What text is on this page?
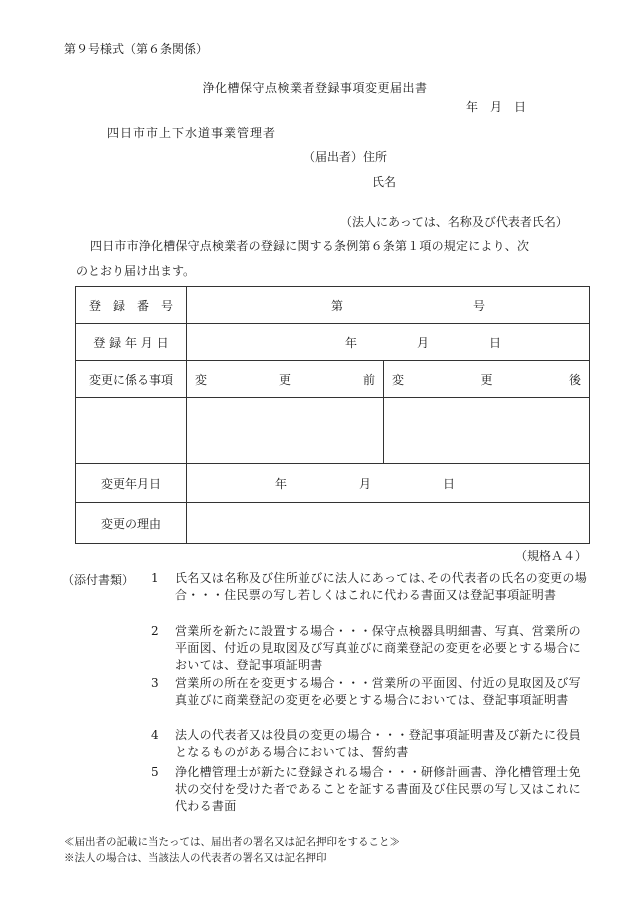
第９号様式（第６条関係）
浄化槽保守点検業者登録事項変更届出書
年　月　日
四日市市上下水道事業管理者
（届出者）住所
氏名
（法人にあっては、名称及び代表者氏名）
四日市市浄化槽保守点検業者の登録に関する条例第６条第１項の規定により、次
のとおり届け出ます。
登　録　番　号	第 号	

登 録 年 月 日	年 月 日	

変更に係る事項	変 更 前	変 更 後

変更年月日	年 月 日	

変更の理由		
（規格Ａ４）
（添付書類） 1 氏名又は名称及び住所並びに法人にあっては､その代表者の氏名の変更の場合・・・住民票の写し若しくはこれに代わる書面又は登記事項証明書
2 営業所を新たに設置する場合・・・保守点検器具明細書、写真、営業所の平面図、付近の見取図及び写真並びに商業登記の変更を必要とする場合においては、登記事項証明書
3 営業所の所在を変更する場合・・・営業所の平面図、付近の見取図及び写真並びに商業登記の変更を必要とする場合においては、登記事項証明書
4 法人の代表者又は役員の変更の場合・・・登記事項証明書及び新たに役員となるものがある場合においては、誓約書
5 浄化槽管理士が新たに登録される場合・・・研修計画書、浄化槽管理士免状の交付を受けた者であることを証する書面及び住民票の写し又はこれに代わる書面
≪届出者の記載に当たっては、届出者の署名又は記名押印をすること≫
※法人の場合は、当該法人の代表者の署名又は記名押印
